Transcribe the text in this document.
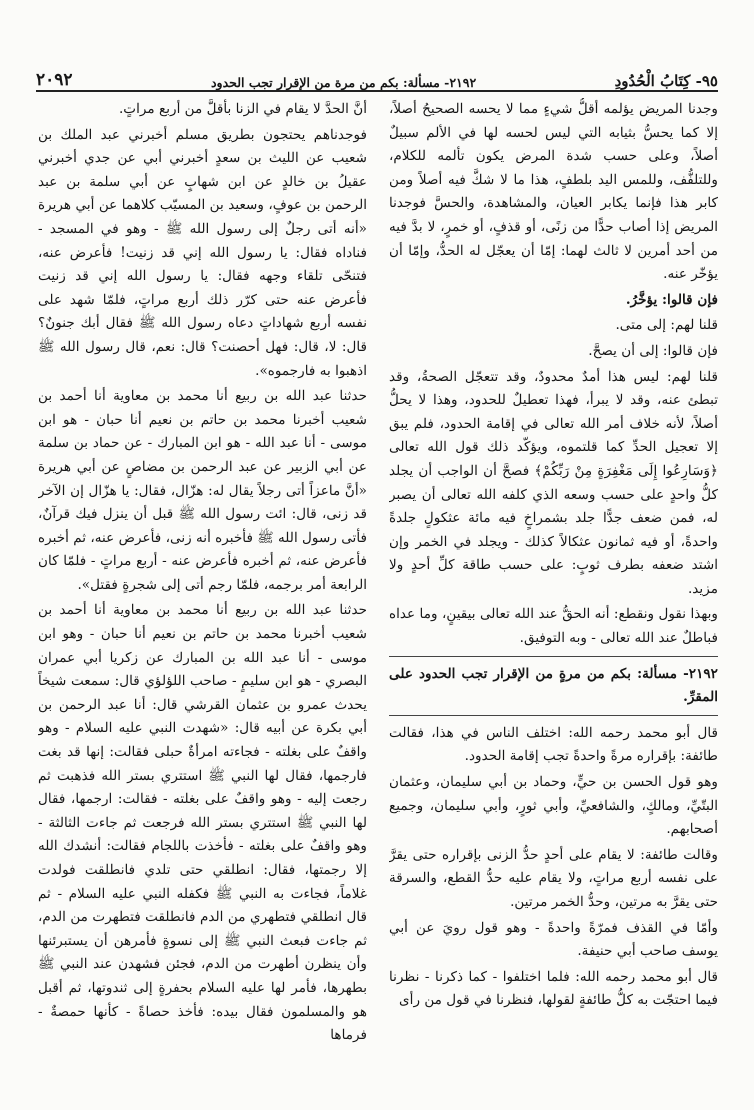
٩٥- كِتَابُ الْحُدُودِ
٢١٩٢- مسألة: بكم من مرة من الإقرار تجب الحدود
٢٠٩٢

وجدنا المريض يؤلمه أقلُّ شيءٍ مما لا يحسه الصحيحُ أصلاً، إلا كما يحسُّ بثيابه التي ليس لحسه لها في الألم سبيلٌ أصلاً، وعلى حسب شدة المرض يكون تألمه للكلام، وللتلفُّف، وللمس اليد بلطفٍ، هذا ما لا شكَّ فيه أصلاً ومن كابر هذا فإنما يكابر العيان، والمشاهدة، والحسَّ فوجدنا المريض إذا أصاب حدًّا من زنًى، أو قذفٍ، أو خمرٍ، لا بدَّ فيه من أحد أمرين لا ثالث لهما: إمّا أن يعجّل له الحدُّ، وإمّا أن يؤخّر عنه.

فإن قالوا: يؤخَّرُ.

قلنا لهم: إلى متى.

فإن قالوا: إلى أن يصحَّ.

قلنا لهم: ليس هذا أمدٌ محدودٌ، وقد تتعجّل الصحةُ، وقد تبطئ عنه، وقد لا يبرأ، فهذا تعطيلٌ للحدود، وهذا لا يحلُّ أصلاً، لأنه خلاف أمر الله تعالى في إقامة الحدود، فلم يبق إلا تعجيل الحدِّ كما قلتموه، ويؤكّد ذلك قول الله تعالى ﴿وَسَارِعُوا إِلَى مَغْفِرَةٍ مِنْ رَبِّكُمْ﴾ فصحَّ أن الواجب أن يجلد كلُّ واحدٍ على حسب وسعه الذي كلفه الله تعالى أن يصبر له، فمن ضعف جدًّا جلد بشمراخٍ فيه مائة عثكولٍ جلدةً واحدةً، أو فيه ثمانون عثكالاً كذلك - ويجلد في الخمر وإن اشتد ضعفه بطرف ثوبٍ: على حسب طاقة كلِّ أحدٍ ولا مزيد.

وبهذا نقول ونقطع: أنه الحقُّ عند الله تعالى بيقينٍ، وما عداه فباطلٌ عند الله تعالى - وبه التوفيق.

٢١٩٢- مسألة: بكم من مرةٍ من الإقرار تجب الحدود على المقرِّ.

قال أبو محمد رحمه الله: اختلف الناس في هذا، فقالت طائفة: بإقراره مرةً واحدةً تجب إقامة الحدود.

وهو قول الحسن بن حيٍّ، وحماد بن أبي سليمان، وعثمان البتّيِّ، ومالكٍ، والشافعيِّ، وأبي ثورٍ، وأبي سليمان، وجميع أصحابهم.

وقالت طائفة: لا يقام على أحدٍ حدُّ الزنى بإقراره حتى يقرَّ على نفسه أربع مراتٍ، ولا يقام عليه حدُّ القطع، والسرقة حتى يقرَّ به مرتين، وحدُّ الخمر مرتين.

وأمّا في القذف فمرّةً واحدةً - وهو قول رويَ عن أبي يوسف صاحب أبي حنيفة.

قال أبو محمد رحمه الله: فلما اختلفوا - كما ذكرنا - نظرنا فيما احتجّت به كلُّ طائفةٍ لقولها، فنظرنا في قول من رأى

أنَّ الحدَّ لا يقام في الزنا بأقلَّ من أربع مراتٍ.

فوجدناهم يحتجون بطريق مسلم أخبرني عبد الملك بن شعيب عن الليث بن سعدٍ أخبرني أبي عن جدي أخبرني عقيلُ بن خالدٍ عن ابن شهابٍ عن أبي سلمة بن عبد الرحمن بن عوفٍ، وسعيد بن المسيّب كلاهما عن أبي هريرة «أنه أتى رجلٌ إلى رسول الله ﷺ - وهو في المسجد - فناداه فقال: يا رسول الله إني قد زنيت! فأعرض عنه، فتنحّى تلقاء وجهه فقال: يا رسول الله إني قد زنيت فأعرض عنه حتى كرّر ذلك أربع مراتٍ، فلمّا شهد على نفسه أربع شهاداتٍ دعاه رسول الله ﷺ فقال أبك جنونٌ؟ قال: لا، قال: فهل أحصنت؟ قال: نعم، قال رسول الله ﷺ اذهبوا به فارجموه».

حدثنا عبد الله بن ربيع أنا محمد بن معاوية أنا أحمد بن شعيب أخبرنا محمد بن حاتم بن نعيم أنا حبان - هو ابن موسى - أنا عبد الله - هو ابن المبارك - عن حماد بن سلمة عن أبي الزبير عن عبد الرحمن بن مضاصٍ عن أبي هريرة «أنَّ ماعزاً أتى رجلاً يقال له: هزّال، فقال: يا هزّال إن الآخر قد زنى، قال: ائت رسول الله ﷺ قبل أن ينزل فيك قرآنٌ، فأتى رسول الله ﷺ فأخبره أنه زنى، فأعرض عنه، ثم أخبره فأعرض عنه، ثم أخبره فأعرض عنه - أربع مراتٍ - فلمّا كان الرابعة أمر برجمه، فلمّا رجم أتى إلى شجرةٍ فقتل».

حدثنا عبد الله بن ربيع أنا محمد بن معاوية أنا أحمد بن شعيب أخبرنا محمد بن حاتم بن نعيم أنا حبان - وهو ابن موسى - أنا عبد الله بن المبارك عن زكريا أبي عمران البصري - هو ابن سليمٍ - صاحب اللؤلؤي قال: سمعت شيخاً يحدث عمرو بن عثمان القرشي قال: أنا عبد الرحمن بن أبي بكرة عن أبيه قال: «شهدت النبي عليه السلام - وهو واقفٌ على بغلته - فجاءته امرأةٌ حبلى فقالت: إنها قد بغت فارجمها، فقال لها النبي ﷺ استتري بستر الله فذهبت ثم رجعت إليه - وهو واقفٌ على بغلته - فقالت: ارجمها، فقال لها النبي ﷺ استتري بستر الله فرجعت ثم جاءت الثالثة - وهو واقفٌ على بغلته - فأخذت باللجام فقالت: أنشدك الله إلا رجمتها، فقال: انطلقي حتى تلدي فانطلقت فولدت غلاماً، فجاءت به النبي ﷺ فكفله النبي عليه السلام - ثم قال انطلقي فتطهري من الدم فانطلقت فتطهرت من الدم، ثم جاءت فبعث النبي ﷺ إلى نسوةٍ فأمرهن أن يستبرئنها وأن ينظرن أطهرت من الدم، فجئن فشهدن عند النبي ﷺ بطهرها، فأمر لها عليه السلام بحفرةٍ إلى ثندوتها، ثم أقبل هو والمسلمون فقال بيده: فأخذ حصاةً - كأنها حمصةٌ - فرماها
